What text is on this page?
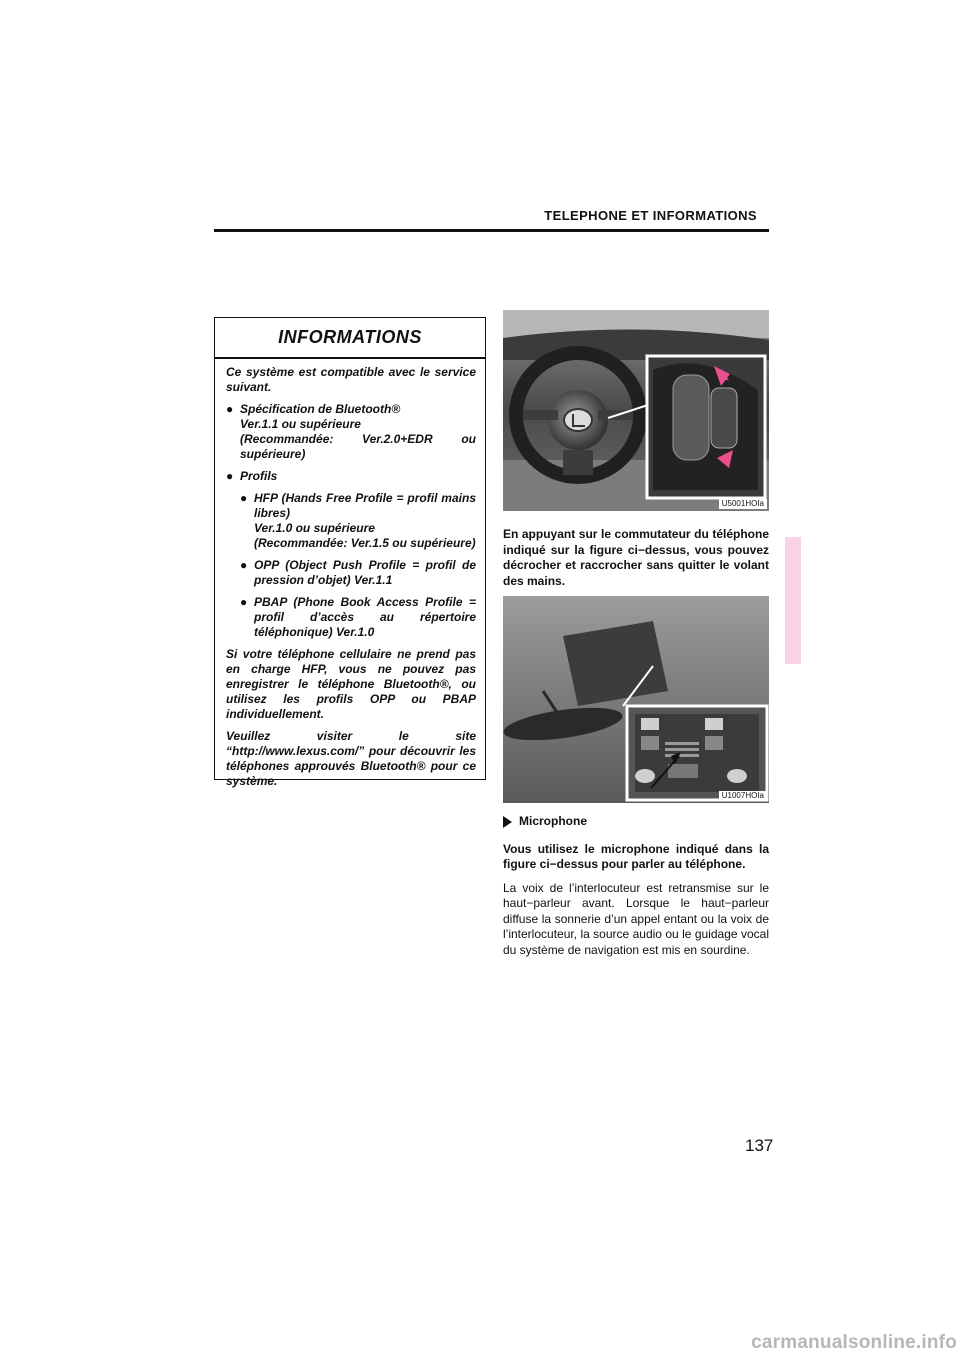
TELEPHONE ET INFORMATIONS
INFORMATIONS

Ce système est compatible avec le service suivant.

● Spécification de Bluetooth®
Ver.1.1 ou supérieure
(Recommandée: Ver.2.0+EDR ou supérieure)
● Profils
● HFP (Hands Free Profile = profil mains libres)
Ver.1.0 ou supérieure
(Recommandée: Ver.1.5 ou supérieure)
● OPP (Object Push Profile = profil de pression d’objet) Ver.1.1
● PBAP (Phone Book Access Profile = profil d’accès au répertoire téléphonique) Ver.1.0

Si votre téléphone cellulaire ne prend pas en charge HFP, vous ne pouvez pas enregistrer le téléphone Bluetooth®, ou utilisez les profils OPP ou PBAP individuellement.

Veuillez visiter le site “http://www.lexus.com/” pour découvrir les téléphones approuvés Bluetooth® pour ce système.

U5001HOIa
En appuyant sur le commutateur du téléphone indiqué sur la figure ci−dessus, vous pouvez décrocher et raccrocher sans quitter le volant des mains.
U1007HOIa
Microphone

Vous utilisez le microphone indiqué dans la figure ci−dessus pour parler au téléphone.

La voix de l’interlocuteur est retransmise sur le haut−parleur avant. Lorsque le haut−parleur diffuse la sonnerie d’un appel entant ou la voix de l’interlocuteur, la source audio ou le guidage vocal du système de navigation est mis en sourdine.

137
carmanualsonline.info
